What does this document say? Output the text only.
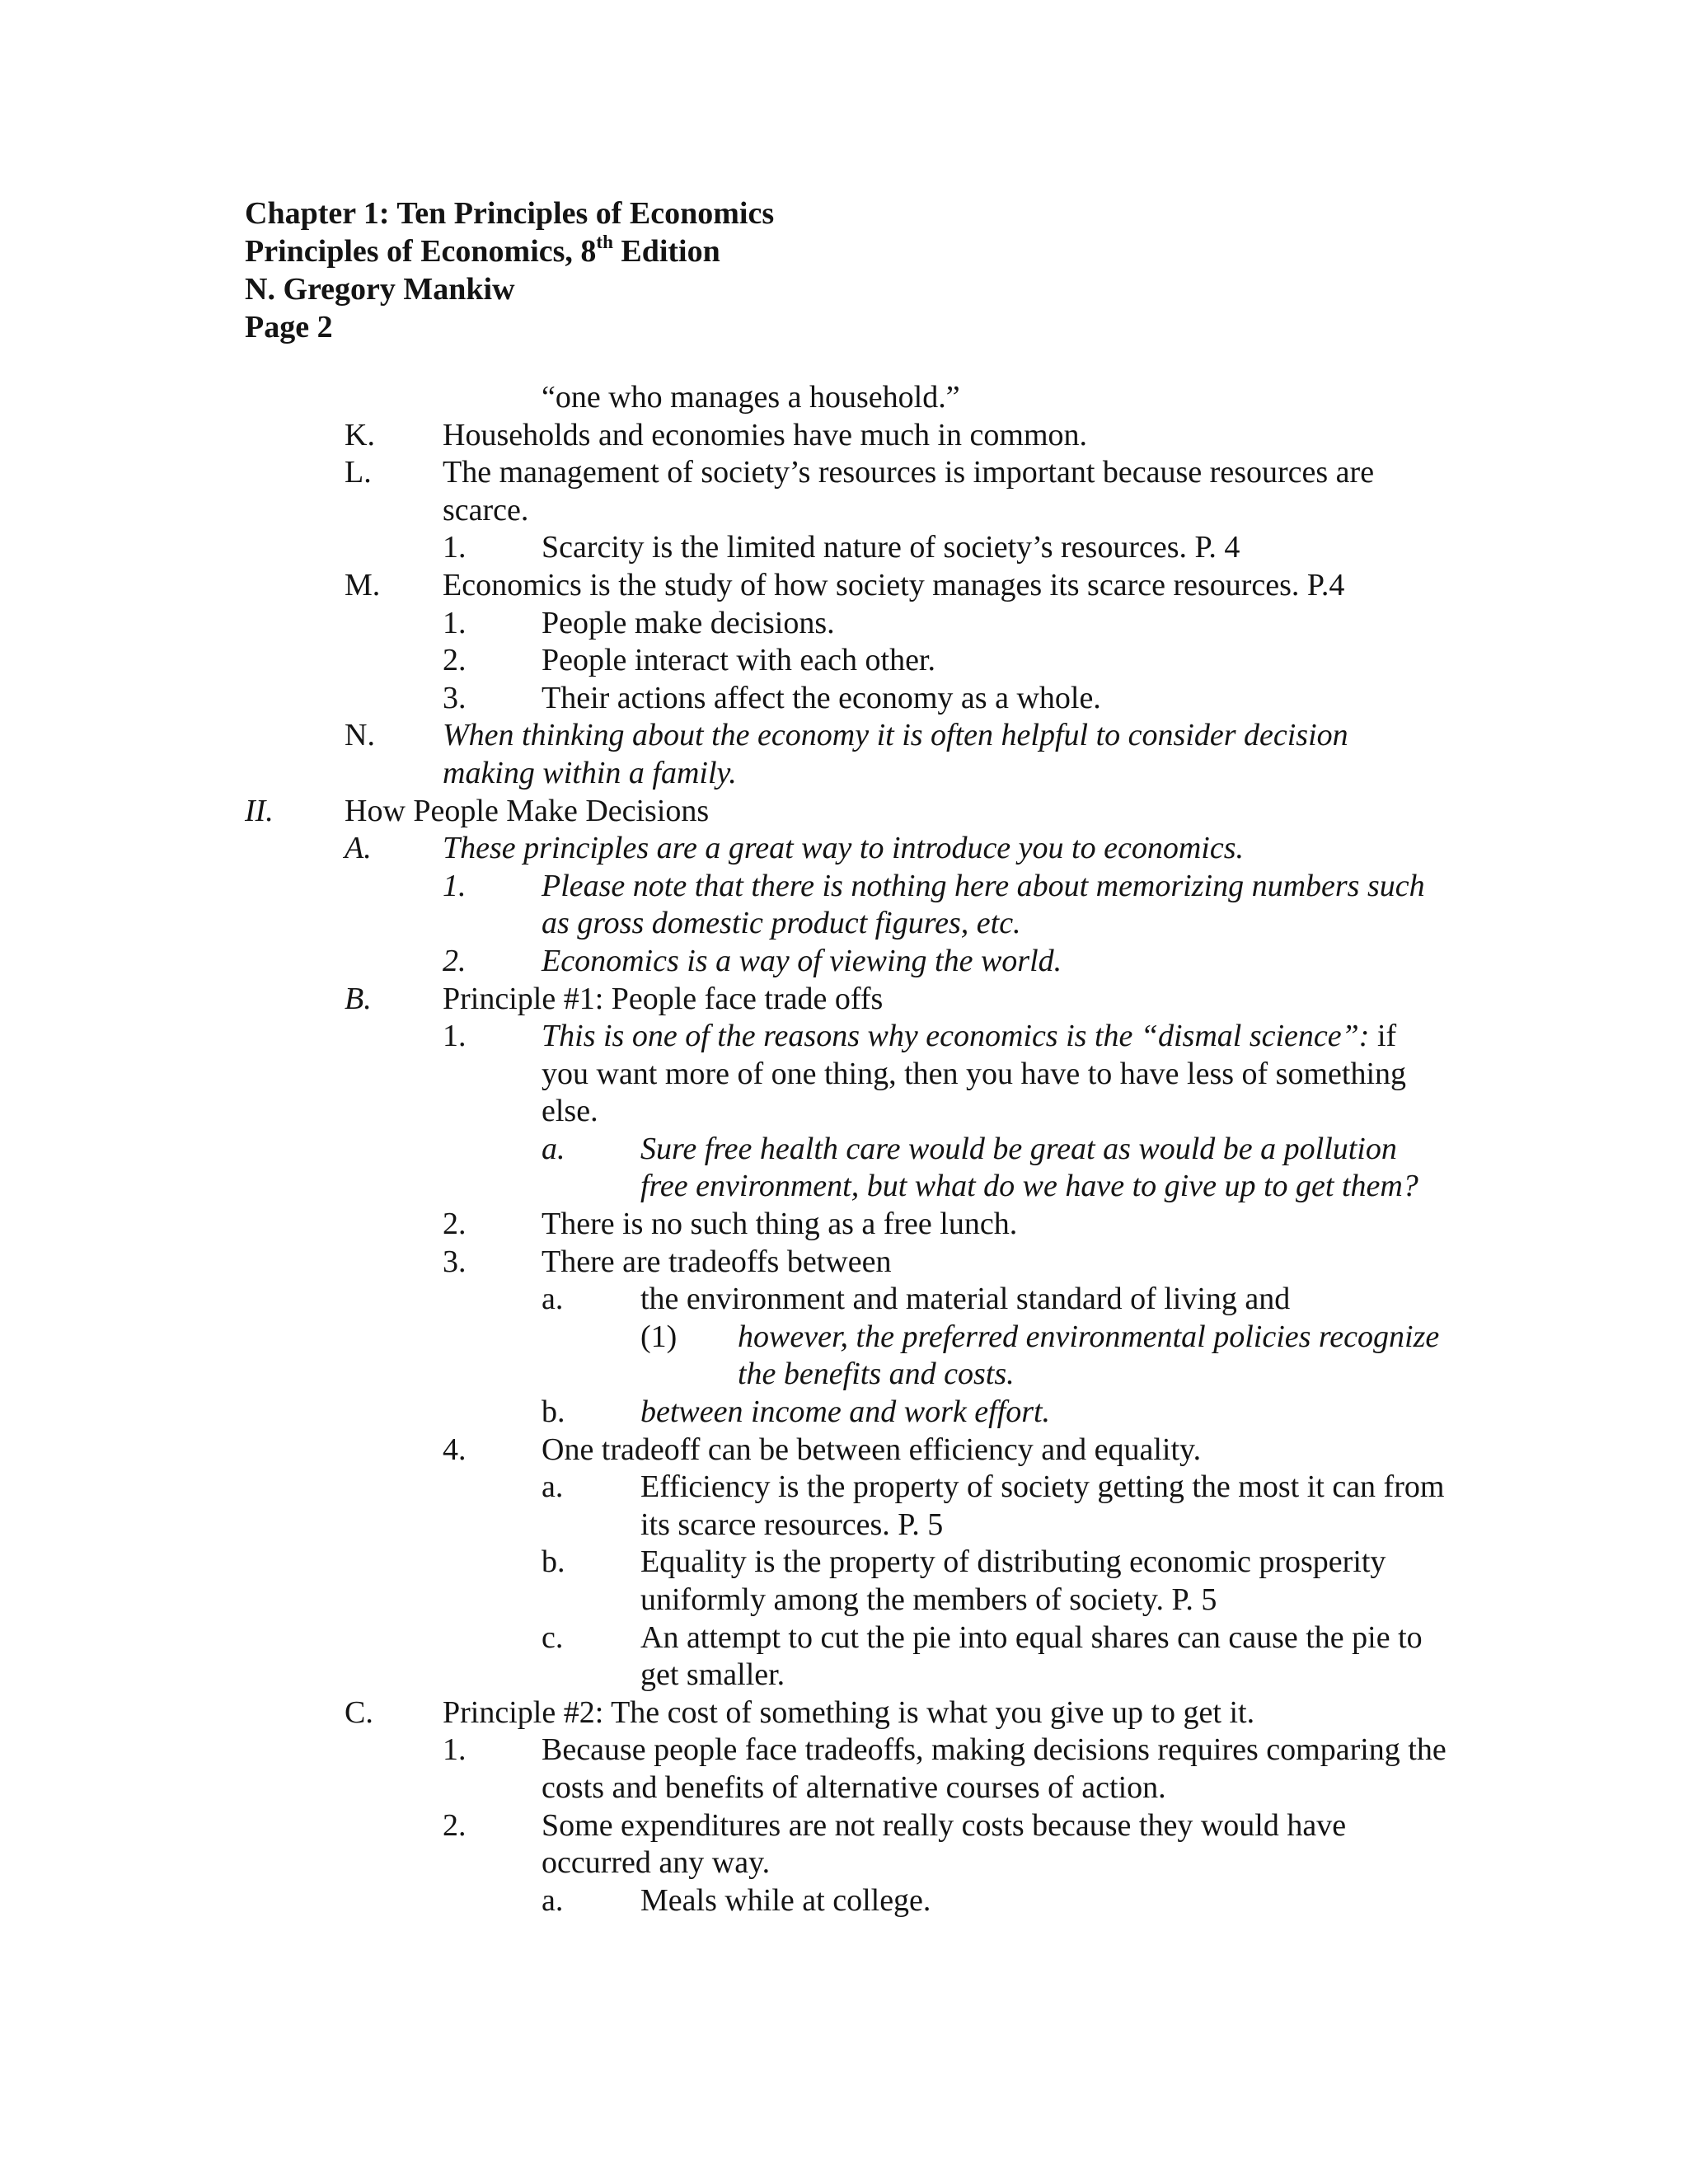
Chapter 1: Ten Principles of Economics
Principles of Economics, 8th Edition
N. Gregory Mankiw
Page 2
“one who manages a household.”
K. Households and economies have much in common.
L. The management of society’s resources is important because resources are scarce.
1. Scarcity is the limited nature of society’s resources. P. 4
M. Economics is the study of how society manages its scarce resources. P.4
1. People make decisions.
2. People interact with each other.
3. Their actions affect the economy as a whole.
N. When thinking about the economy it is often helpful to consider decision making within a family.
II. How People Make Decisions
A. These principles are a great way to introduce you to economics.
1. Please note that there is nothing here about memorizing numbers such as gross domestic product figures, etc.
2. Economics is a way of viewing the world.
B. Principle #1: People face trade offs
1. This is one of the reasons why economics is the “dismal science”: if you want more of one thing, then you have to have less of something else.
a. Sure free health care would be great as would be a pollution free environment, but what do we have to give up to get them?
2. There is no such thing as a free lunch.
3. There are tradeoffs between
a. the environment and material standard of living and
(1) however, the preferred environmental policies recognize the benefits and costs.
b. between income and work effort.
4. One tradeoff can be between efficiency and equality.
a. Efficiency is the property of society getting the most it can from its scarce resources. P. 5
b. Equality is the property of distributing economic prosperity uniformly among the members of society. P. 5
c. An attempt to cut the pie into equal shares can cause the pie to get smaller.
C. Principle #2: The cost of something is what you give up to get it.
1. Because people face tradeoffs, making decisions requires comparing the costs and benefits of alternative courses of action.
2. Some expenditures are not really costs because they would have occurred any way.
a. Meals while at college.
